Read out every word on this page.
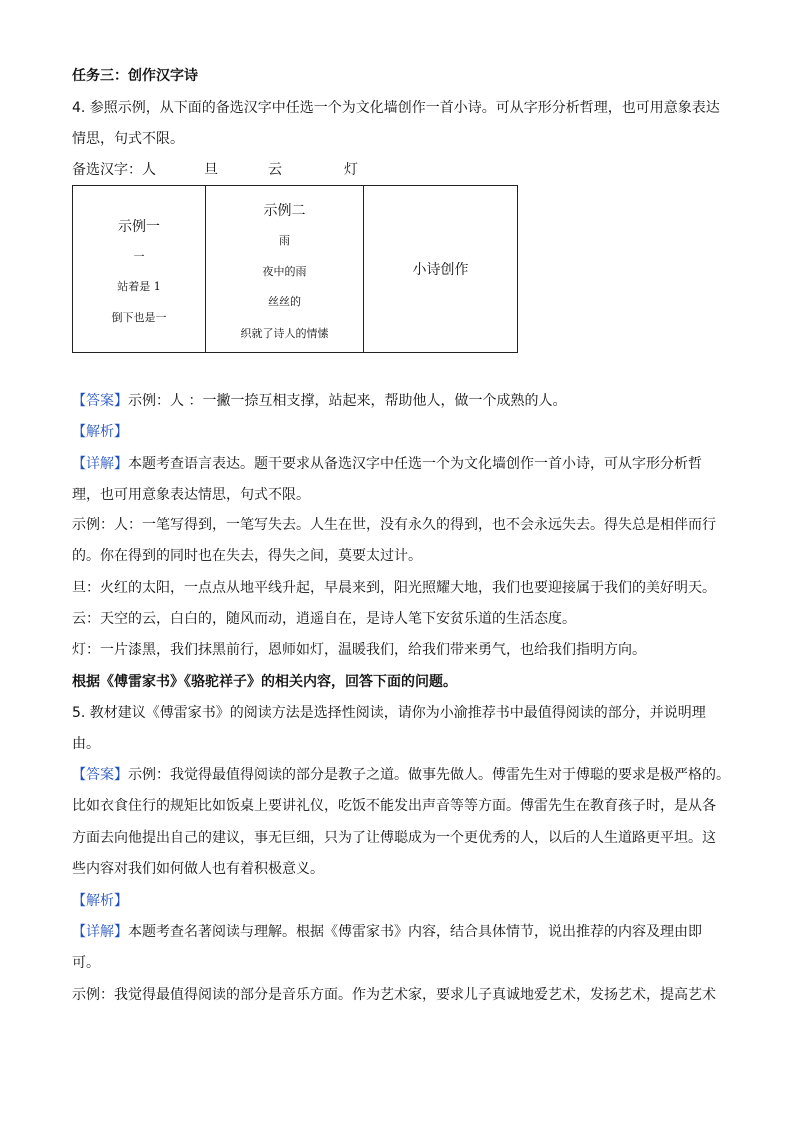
任务三：创作汉字诗
4. 参照示例，从下面的备选汉字中任选一个为文化墙创作一首小诗。可从字形分析哲理，也可用意象表达
情思，句式不限。
备选汉字：人	旦	云	灯
示例一
一
站着是 1
倒下也是一

示例二
雨
夜中的雨
丝丝的
织就了诗人的情愫
	小诗创作
【答案】示例：人 ：一撇一捺互相支撑，站起来，帮助他人，做一个成熟的人。
【解析】
【详解】本题考查语言表达。题干要求从备选汉字中任选一个为文化墙创作一首小诗，可从字形分析哲
理，也可用意象表达情思，句式不限。
示例：人：一笔写得到，一笔写失去。人生在世，没有永久的得到，也不会永远失去。得失总是相伴而行
的。你在得到的同时也在失去，得失之间，莫要太过计。
旦：火红的太阳，一点点从地平线升起，早晨来到，阳光照耀大地，我们也要迎接属于我们的美好明天。
云：天空的云，白白的，随风而动，逍遥自在，是诗人笔下安贫乐道的生活态度。
灯：一片漆黑，我们抹黑前行，恩师如灯，温暖我们，给我们带来勇气，也给我们指明方向。
根据《傅雷家书》《骆驼祥子》的相关内容，回答下面的问题。
5. 教材建议《傅雷家书》的阅读方法是选择性阅读，请你为小渝推荐书中最值得阅读的部分，并说明理
由。
【答案】示例：我觉得最值得阅读的部分是教子之道。做事先做人。傅雷先生对于傅聪的要求是极严格的。
比如衣食住行的规矩比如饭桌上要讲礼仪，吃饭不能发出声音等等方面。傅雷先生在教育孩子时，是从各
方面去向他提出自己的建议，事无巨细，只为了让傅聪成为一个更优秀的人，以后的人生道路更平坦。这
些内容对我们如何做人也有着积极意义。
【解析】
【详解】本题考查名著阅读与理解。根据《傅雷家书》内容，结合具体情节，说出推荐的内容及理由即
可。
示例：我觉得最值得阅读的部分是音乐方面。作为艺术家，要求儿子真诚地爱艺术，发扬艺术，提高艺术
